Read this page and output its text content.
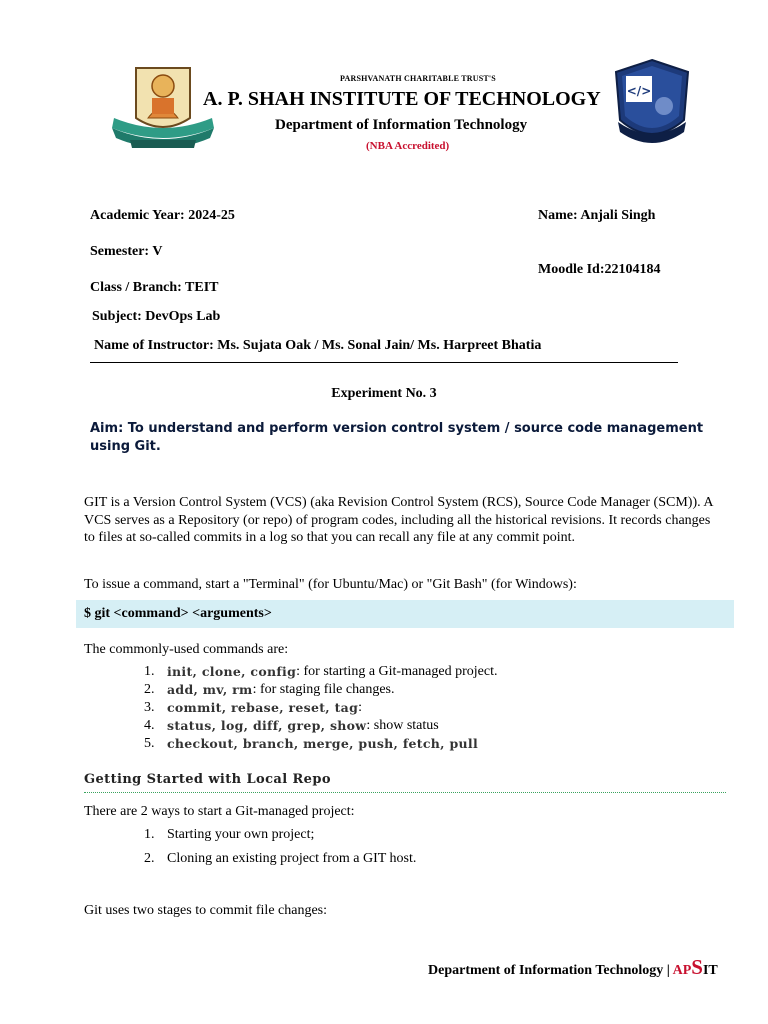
</>
PARSHVANATH CHARITABLE TRUST'S
A. P. SHAH INSTITUTE OF TECHNOLOGY
Department of Information Technology
(NBA Accredited)
Academic Year: 2024-25	Name: Anjali Singh
Semester: V
Moodle Id:22104184
Class / Branch: TEIT
Subject: DevOps Lab
Name of Instructor: Ms. Sujata Oak / Ms. Sonal Jain/ Ms. Harpreet Bhatia
Experiment No. 3
Aim: To understand and perform version control system / source code management using Git.
GIT is a Version Control System (VCS) (aka Revision Control System (RCS), Source Code Manager (SCM)). A VCS serves as a Repository (or repo) of program codes, including all the historical revisions. It records changes to files at so-called commits in a log so that you can recall any file at any commit point.
To issue a command, start a "Terminal" (for Ubuntu/Mac) or "Git Bash" (for Windows):
$ git <command> <arguments>
The commonly-used commands are:
1.	init, clone, config : for starting a Git-managed project.
2.	add, mv, rm : for staging file changes.
3.	commit, rebase, reset, tag :
4.	status, log, diff, grep, show : show status
5.	checkout, branch, merge, push, fetch, pull
Getting Started with Local Repo
There are 2 ways to start a Git-managed project:
1. Starting your own project;
2. Cloning an existing project from a GIT host.
Git uses two stages to commit file changes:
Department of Information Technology | APSIT
